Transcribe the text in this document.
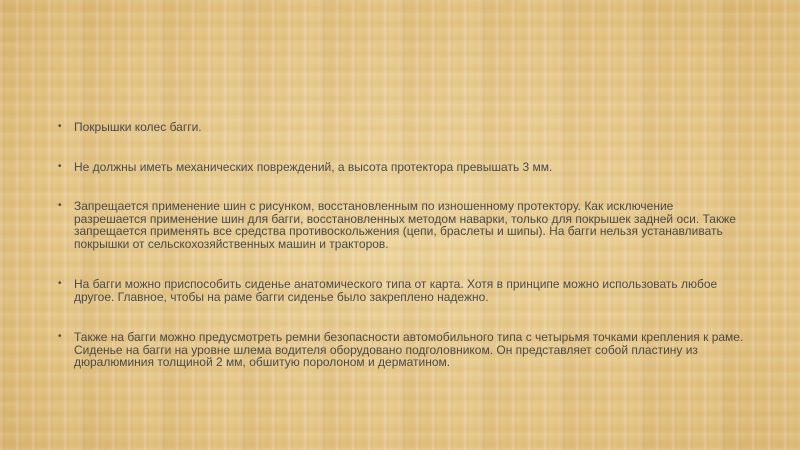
• Покрышки колес багги.
• Не должны иметь механических повреждений, а высота протектора превышать 3 мм.
• Запрещается применение шин с рисунком, восстановленным по изношенному протектору. Как исключение разрешается применение шин для багги, восстановленных методом наварки, только для покрышек задней оси. Также запрещается применять все средства противоскольжения (цепи, браслеты и шипы). На багги нельзя устанавливать покрышки от сельскохозяйственных машин и тракторов.
• На багги можно приспособить сиденье анатомического типа от карта. Хотя в принципе можно использовать любое другое. Главное, чтобы на раме багги сиденье было закреплено надежно.
• Также на багги можно предусмотреть ремни безопасности автомобильного типа с четырьмя точками крепления к раме. Сиденье на багги на уровне шлема водителя оборудовано подголовником. Он представляет собой пластину из дюралюминия толщиной 2 мм, обшитую поролоном и дерматином.
